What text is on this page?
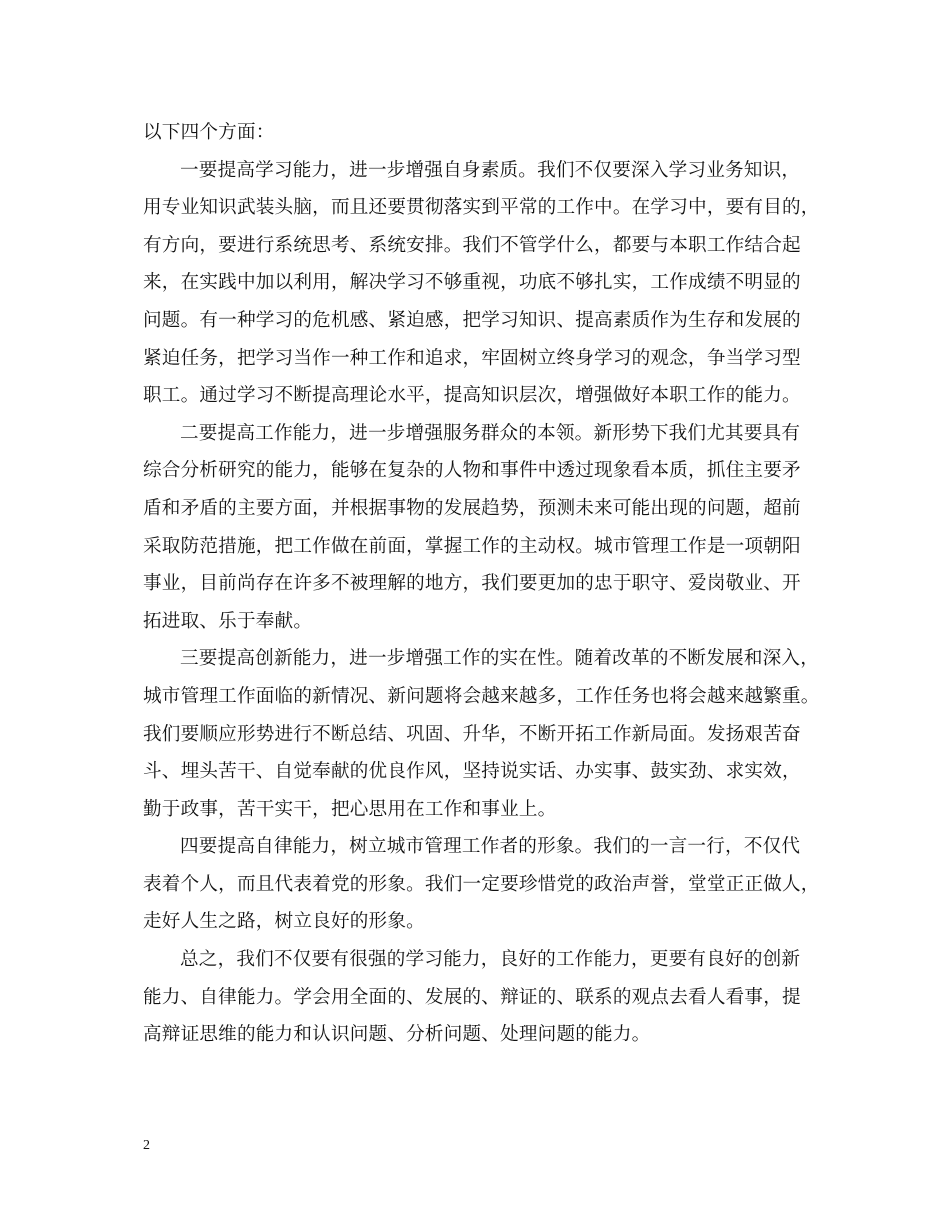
以下四个方面：
一要提高学习能力，进一步增强自身素质。我们不仅要深入学习业务知识，
用专业知识武装头脑，而且还要贯彻落实到平常的工作中。在学习中，要有目的，
有方向，要进行系统思考、系统安排。我们不管学什么，都要与本职工作结合起
来，在实践中加以利用，解决学习不够重视，功底不够扎实，工作成绩不明显的
问题。有一种学习的危机感、紧迫感，把学习知识、提高素质作为生存和发展的
紧迫任务，把学习当作一种工作和追求，牢固树立终身学习的观念，争当学习型
职工。通过学习不断提高理论水平，提高知识层次，增强做好本职工作的能力。
二要提高工作能力，进一步增强服务群众的本领。新形势下我们尤其要具有
综合分析研究的能力，能够在复杂的人物和事件中透过现象看本质，抓住主要矛
盾和矛盾的主要方面，并根据事物的发展趋势，预测未来可能出现的问题，超前
采取防范措施，把工作做在前面，掌握工作的主动权。城市管理工作是一项朝阳
事业，目前尚存在许多不被理解的地方，我们要更加的忠于职守、爱岗敬业、开
拓进取、乐于奉献。
三要提高创新能力，进一步增强工作的实在性。随着改革的不断发展和深入，
城市管理工作面临的新情况、新问题将会越来越多，工作任务也将会越来越繁重。
我们要顺应形势进行不断总结、巩固、升华，不断开拓工作新局面。发扬艰苦奋
斗、埋头苦干、自觉奉献的优良作风，坚持说实话、办实事、鼓实劲、求实效，
勤于政事，苦干实干，把心思用在工作和事业上。
四要提高自律能力，树立城市管理工作者的形象。我们的一言一行，不仅代
表着个人，而且代表着党的形象。我们一定要珍惜党的政治声誉，堂堂正正做人，
走好人生之路，树立良好的形象。
总之，我们不仅要有很强的学习能力，良好的工作能力，更要有良好的创新
能力、自律能力。学会用全面的、发展的、辩证的、联系的观点去看人看事，提
高辩证思维的能力和认识问题、分析问题、处理问题的能力。
2
